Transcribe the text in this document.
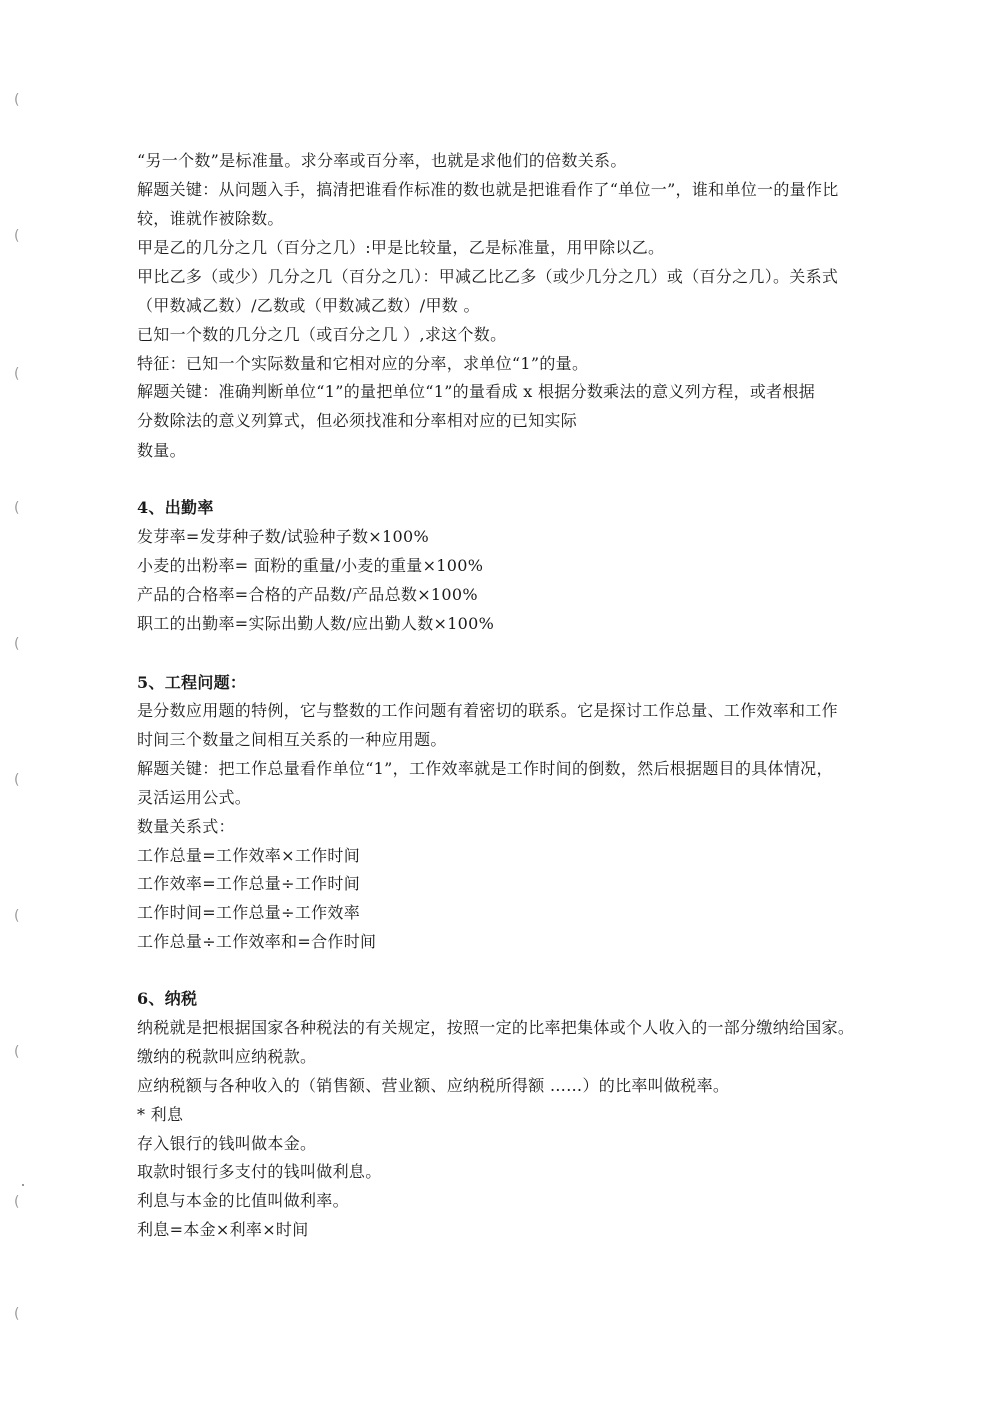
(
(
(
(
(
(
(
(
(
(
“另一个数”是标准量。求分率或百分率，也就是求他们的倍数关系。
解题关键：从问题入手，搞清把谁看作标准的数也就是把谁看作了“单位一”，谁和单位一的量作比
较，谁就作被除数。
甲是乙的几分之几（百分之几）:甲是比较量，乙是标准量，用甲除以乙。
甲比乙多（或少）几分之几（百分之几）：甲减乙比乙多（或少几分之几）或（百分之几）。关系式
（甲数减乙数）/乙数或（甲数减乙数）/甲数 。
已知一个数的几分之几（或百分之几 ）,求这个数。
特征：已知一个实际数量和它相对应的分率，求单位“1”的量。
解题关键：准确判断单位“1”的量把单位“1”的量看成 x 根据分数乘法的意义列方程，或者根据
分数除法的意义列算式，但必须找准和分率相对应的已知实际
数量。
4、出勤率
发芽率=发芽种子数/试验种子数×100%
小麦的出粉率= 面粉的重量/小麦的重量×100%
产品的合格率=合格的产品数/产品总数×100%
职工的出勤率=实际出勤人数/应出勤人数×100%
5、工程问题：
是分数应用题的特例，它与整数的工作问题有着密切的联系。它是探讨工作总量、工作效率和工作
时间三个数量之间相互关系的一种应用题。
解题关键：把工作总量看作单位“1”，工作效率就是工作时间的倒数，然后根据题目的具体情况，
灵活运用公式。
数量关系式：
工作总量=工作效率×工作时间
工作效率=工作总量÷工作时间
工作时间=工作总量÷工作效率
工作总量÷工作效率和=合作时间
6、纳税
纳税就是把根据国家各种税法的有关规定，按照一定的比率把集体或个人收入的一部分缴纳给国家。
缴纳的税款叫应纳税款。
应纳税额与各种收入的（销售额、营业额、应纳税所得额 ……）的比率叫做税率。
* 利息
存入银行的钱叫做本金。
取款时银行多支付的钱叫做利息。
利息与本金的比值叫做利率。
利息=本金×利率×时间
